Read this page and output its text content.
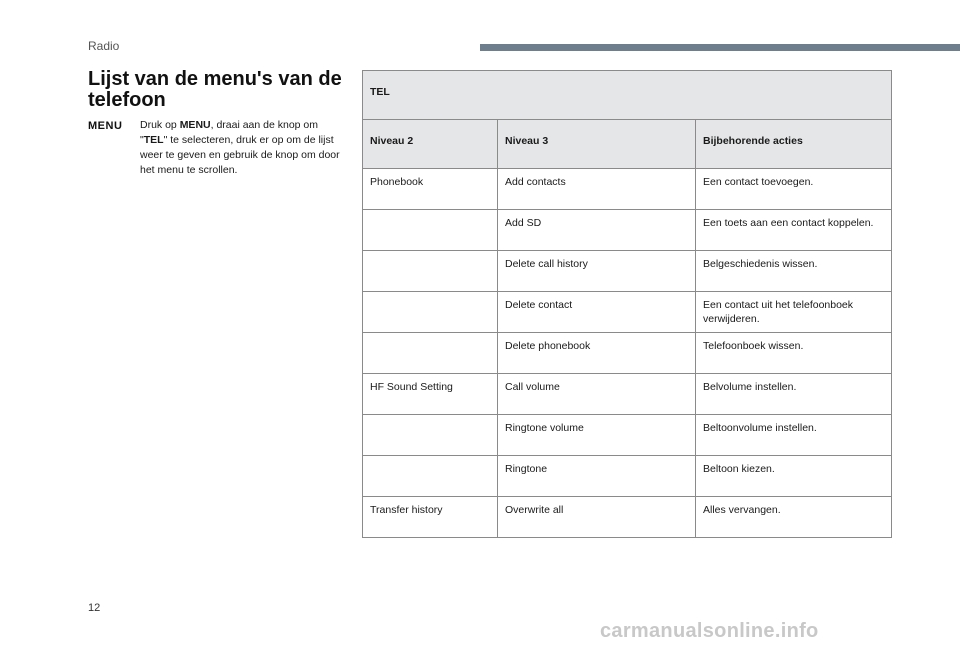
Radio
Lijst van de menu's van de telefoon
MENU Druk op MENU, draai aan de knop om "TEL" te selecteren, druk er op om de lijst weer te geven en gebruik de knop om door het menu te scrollen.
TEL		
Niveau 2	Niveau 3	Bijbehorende acties
Phonebook	Add contacts	Een contact toevoegen.
	Add SD	Een toets aan een contact koppelen.
	Delete call history	Belgeschiedenis wissen.
	Delete contact	Een contact uit het telefoonboek verwijderen.
	Delete phonebook	Telefoonboek wissen.
HF Sound Setting	Call volume	Belvolume instellen.
	Ringtone volume	Beltoonvolume instellen.
	Ringtone	Beltoon kiezen.
Transfer history	Overwrite all	Alles vervangen.
12
carmanualsonline.info
